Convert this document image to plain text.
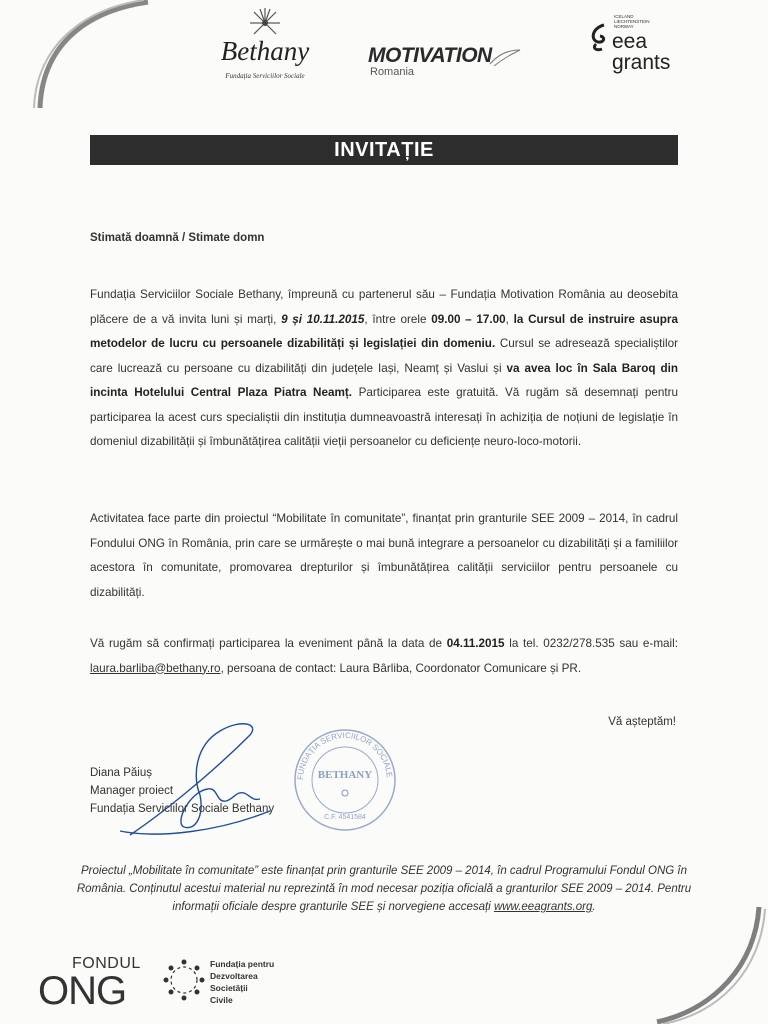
Bethany
Fundația Serviciilor Sociale
MOTIVATION
Romania
ICELAND
LIECHTENSTEIN
NORWAY
eea
grants
INVITAȚIE
Stimată doamnă / Stimate domn
Fundația Serviciilor Sociale Bethany, împreună cu partenerul său – Fundația Motivation România au deosebita plăcere de a vă invita luni și marți, 9 și 10.11.2015, între orele 09.00 – 17.00, la Cursul de instruire asupra metodelor de lucru cu persoanele dizabilități și legislației din domeniu. Cursul se adresează specialiștilor care lucrează cu persoane cu dizabilități din județele Iași, Neamț și Vaslui și va avea loc în Sala Baroq din incinta Hotelului Central Plaza Piatra Neamț. Participarea este gratuită. Vă rugăm să desemnați pentru participarea la acest curs specialiștii din instituția dumneavoastră interesați în achiziția de noțiuni de legislație în domeniul dizabilității și îmbunătățirea calității vieții persoanelor cu deficiențe neuro-loco-motorii.
Activitatea face parte din proiectul “Mobilitate în comunitate”, finanțat prin granturile SEE 2009 – 2014, în cadrul Fondului ONG în România, prin care se urmărește o mai bună integrare a persoanelor cu dizabilități și a familiilor acestora în comunitate, promovarea drepturilor și îmbunătățirea calității serviciilor pentru persoanele cu dizabilități.
Vă rugăm să confirmați participarea la eveniment până la data de 04.11.2015 la tel. 0232/278.535 sau e-mail: laura.barliba@bethany.ro, persoana de contact: Laura Bârliba, Coordonator Comunicare și PR.
Vă așteptăm!
FUNDAȚIA SERVICIILOR SOCIALE
BETHANY
C.F. 4541584
Diana Păiuș
Manager proiect
Fundația Serviciilor Sociale Bethany
Proiectul „Mobilitate în comunitate” este finanțat prin granturile SEE 2009 – 2014, în cadrul Programului Fondul ONG în România. Conținutul acestui material nu reprezintă în mod necesar poziția oficială a granturilor SEE 2009 – 2014. Pentru informații oficiale despre granturile SEE și norvegiene accesați www.eeagrants.org.
FONDUL
ONG
Fundația pentru
Dezvoltarea
Societății
Civile
